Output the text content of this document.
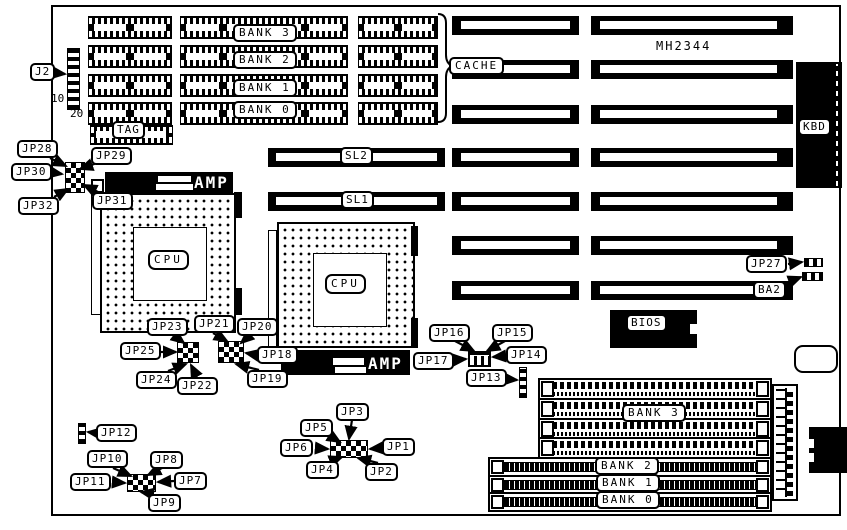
J2
10
20
BANK 3
BANK 2
BANK 1
BANK 0
CACHE
MH2344
KBD
TAG
JP28
JP29
JP30
JP31
JP32
AMP
AMP
SL2
SL1
CPU
CPU
JP23	JP21	JP20
JP25
JP24 JP22
JP18
JP19
JP16	JP15
JP17	JP14
JP13
JP27
BA2
BIOS
JP12
JP10	JP8
JP11	JP7
JP9
JP3
JP5
JP6
JP4	JP2
JP1
BANK 3
BANK 2
BANK 1
BANK 0
